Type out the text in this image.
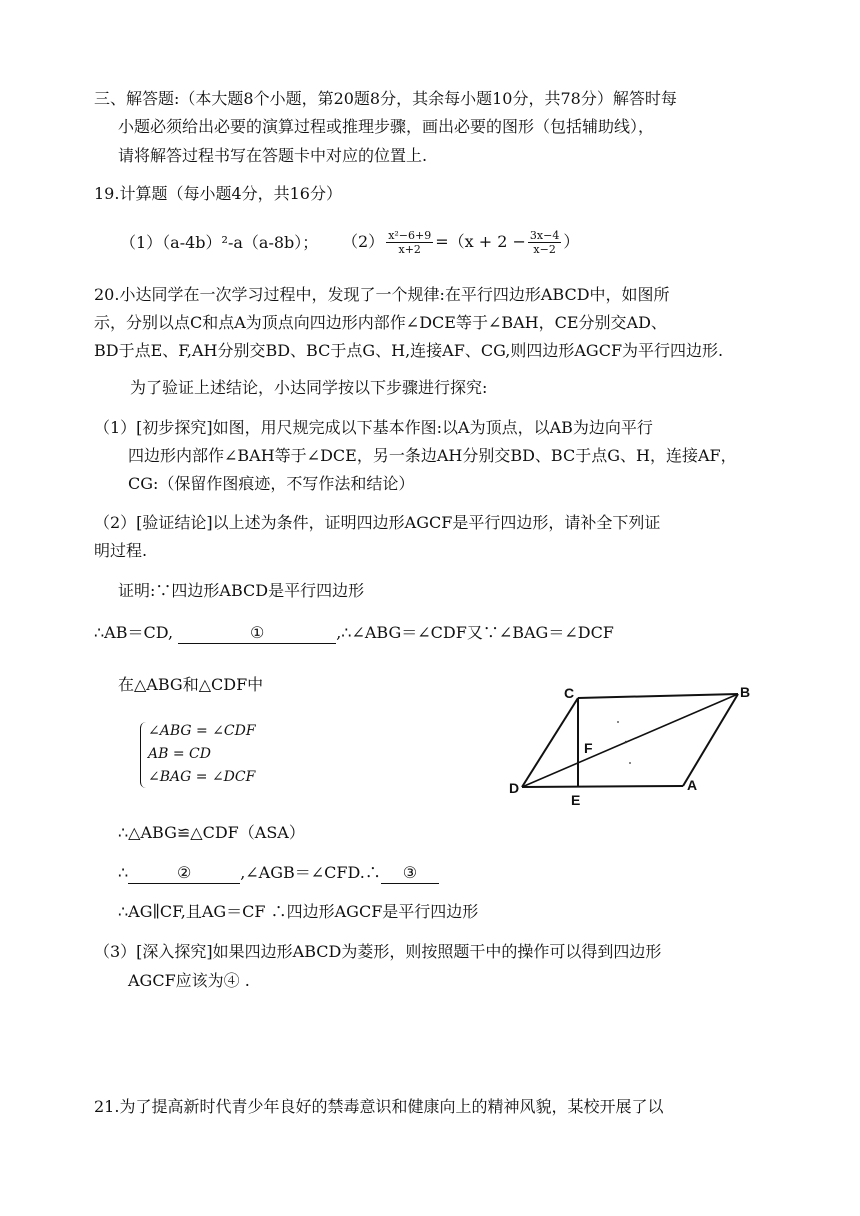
三、解答题:（本大题8个小题，第20题8分，其余每小题10分，共78分）解答时每
小题必须给出必要的演算过程或推理步骤，画出必要的图形（包括辅助线），
请将解答过程书写在答题卡中对应的位置上.
19.计算题（每小题4分，共16分）
（1）（a-4b）²-a（a-8b）； $(2) \frac{\text{x²−6+9}}{x+2} =(x + 2 - \frac{3x-4}{x-2}$ ）
20.小达同学在一次学习过程中，发现了一个规律:在平行四边形ABCD中，如图所
示，分别以点C和点A为顶点向四边形内部作∠DCE等于∠BAH，CE分别交AD、
BD于点E、F,AH分别交BD、BC于点G、H,连接AF、CG,则四边形AGCF为平行四边形.
为了验证上述结论，小达同学按以下步骤进行探究:
（1）[初步探究]如图，用尺规完成以下基本作图:以A为顶点，以AB为边向平行
四边形内部作∠BAH等于∠DCE，另一条边AH分别交BD、BC于点G、H，连接AF，
CG:（保留作图痕迹，不写作法和结论）
（2）[验证结论]以上述为条件，证明四边形AGCF是平行四边形，请补全下列证
明过程.
证明:∵四边形ABCD是平行四边形
∴AB＝CD,	①	,∴∠ABG＝∠CDF又∵∠BAG＝∠DCF
在△ABG和△CDF中
∠ABG = ∠CDF
AB = CD
∠BAG = ∠DCF
∴△ABG≌△CDF（ASA）
∴	②	,∠AGB＝∠CFD.∴ ③
∴AG∥CF,且AG＝CF ∴四边形AGCF是平行四边形
（3）[深入探究]如果四边形ABCD为菱形，则按照题干中的操作可以得到四边形
AGCF应该为④ .
C	B
F
D
E
A
21.为了提高新时代青少年良好的禁毒意识和健康向上的精神风貌，某校开展了以
